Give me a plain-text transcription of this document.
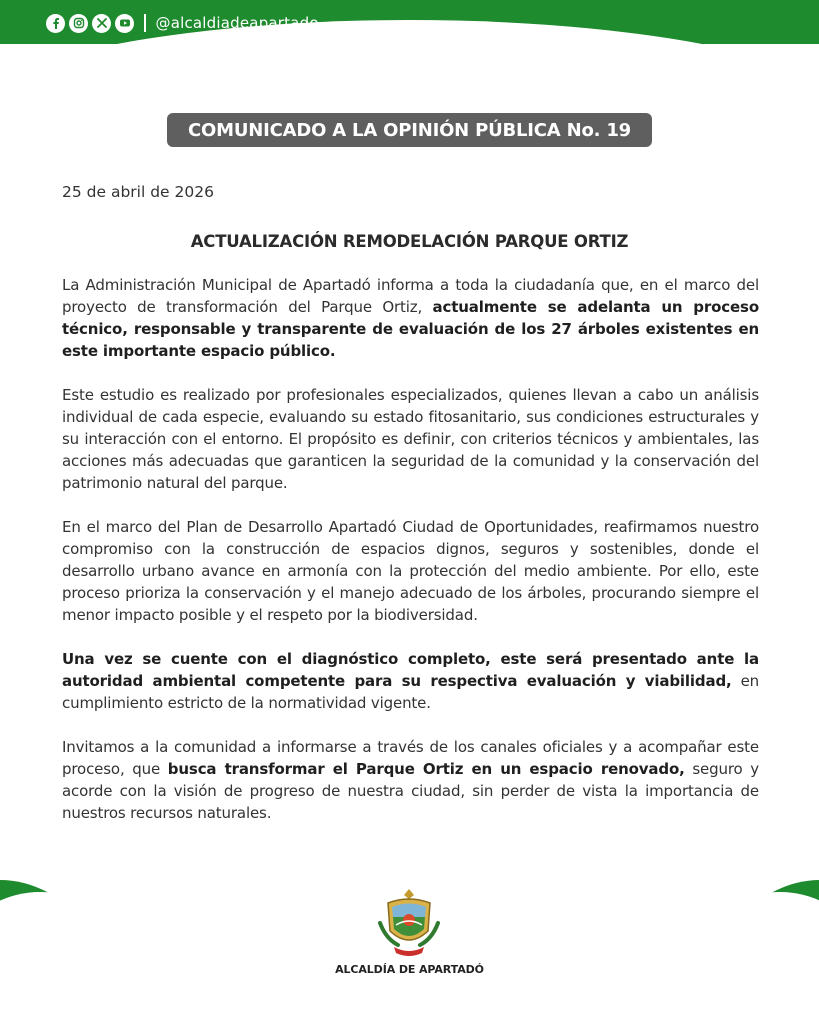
@alcaldiadeapartado
COMUNICADO A LA OPINIÓN PÚBLICA No. 19
25 de abril de 2026
ACTUALIZACIÓN REMODELACIÓN PARQUE ORTIZ

La Administración Municipal de Apartadó informa a toda la ciudadanía que, en el marco del proyecto de transformación del Parque Ortiz, actualmente se adelanta un proceso técnico, responsable y transparente de evaluación de los 27 árboles existentes en este importante espacio público.

Este estudio es realizado por profesionales especializados, quienes llevan a cabo un análisis individual de cada especie, evaluando su estado fitosanitario, sus condiciones estructurales y su interacción con el entorno. El propósito es definir, con criterios técnicos y ambientales, las acciones más adecuadas que garanticen la seguridad de la comunidad y la conservación del patrimonio natural del parque.

En el marco del Plan de Desarrollo Apartadó Ciudad de Oportunidades, reafirmamos nuestro compromiso con la construcción de espacios dignos, seguros y sostenibles, donde el desarrollo urbano avance en armonía con la protección del medio ambiente. Por ello, este proceso prioriza la conservación y el manejo adecuado de los árboles, procurando siempre el menor impacto posible y el respeto por la biodiversidad.

Una vez se cuente con el diagnóstico completo, este será presentado ante la autoridad ambiental competente para su respectiva evaluación y viabilidad, en cumplimiento estricto de la normatividad vigente.

Invitamos a la comunidad a informarse a través de los canales oficiales y a acompañar este proceso, que busca transformar el Parque Ortiz en un espacio renovado, seguro y acorde con la visión de progreso de nuestra ciudad, sin perder de vista la importancia de nuestros recursos naturales.

ALCALDÍA DE APARTADÓ
